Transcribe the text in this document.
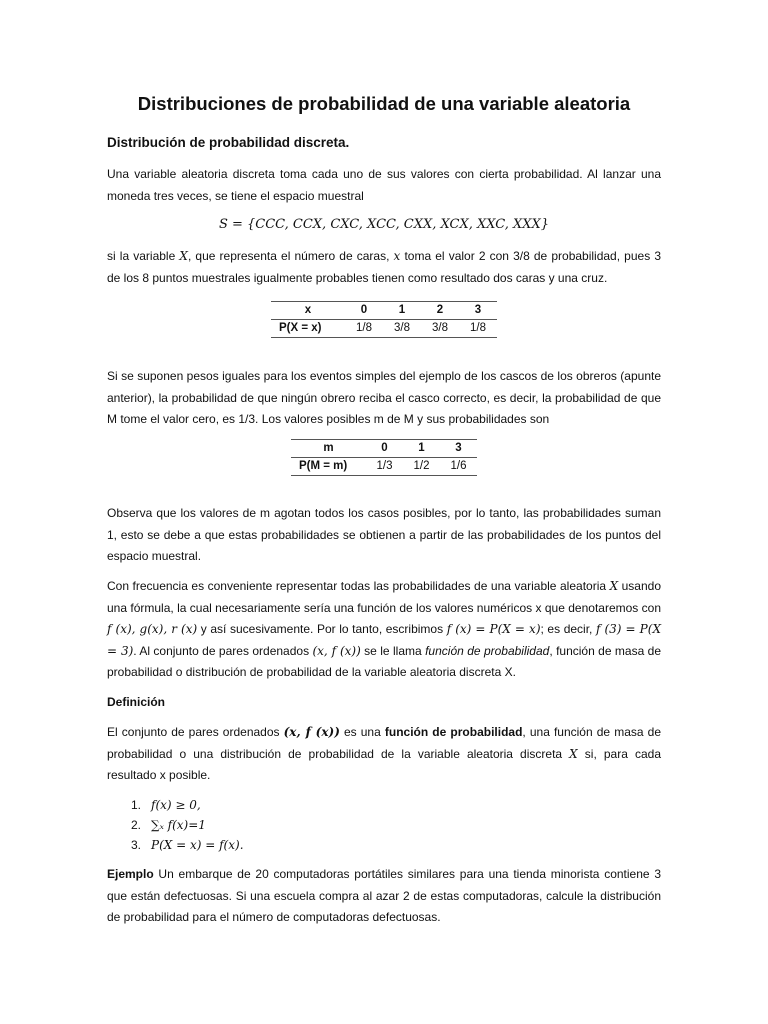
Distribuciones de probabilidad de una variable aleatoria
Distribución de probabilidad discreta.
Una variable aleatoria discreta toma cada uno de sus valores con cierta probabilidad. Al lanzar una moneda tres veces, se tiene el espacio muestral
S = {CCC, CCX, CXC, XCC, CXX, XCX, XXC, XXX}
si la variable X, que representa el número de caras, x toma el valor 2 con 3/8 de probabilidad, pues 3 de los 8 puntos muestrales igualmente probables tienen como resultado dos caras y una cruz.
x	0	1	2	3
P(X = x)	1/8	3/8	3/8	1/8
Si se suponen pesos iguales para los eventos simples del ejemplo de los cascos de los obreros (apunte anterior), la probabilidad de que ningún obrero reciba el casco correcto, es decir, la probabilidad de que M tome el valor cero, es 1/3. Los valores posibles m de M y sus probabilidades son
m	0	1	3
P(M = m)	1/3	1/2	1/6
Observa que los valores de m agotan todos los casos posibles, por lo tanto, las probabilidades suman 1, esto se debe a que estas probabilidades se obtienen a partir de las probabilidades de los puntos del espacio muestral.
Con frecuencia es conveniente representar todas las probabilidades de una variable aleatoria X usando una fórmula, la cual necesariamente sería una función de los valores numéricos x que denotaremos con f (x), g(x), r (x) y así sucesivamente. Por lo tanto, escribimos f (x) = P(X = x); es decir, f (3) = P(X = 3). Al conjunto de pares ordenados (x, f (x)) se le llama función de probabilidad, función de masa de probabilidad o distribución de probabilidad de la variable aleatoria discreta X.
Definición
El conjunto de pares ordenados (x, f (x)) es una función de probabilidad, una función de masa de probabilidad o una distribución de probabilidad de la variable aleatoria discreta X si, para cada resultado x posible.
1. f(x) ≥ 0,
2. ∑ₓ f(x)=1
3. P(X = x) = f(x).
Ejemplo Un embarque de 20 computadoras portátiles similares para una tienda minorista contiene 3 que están defectuosas. Si una escuela compra al azar 2 de estas computadoras, calcule la distribución de probabilidad para el número de computadoras defectuosas.
